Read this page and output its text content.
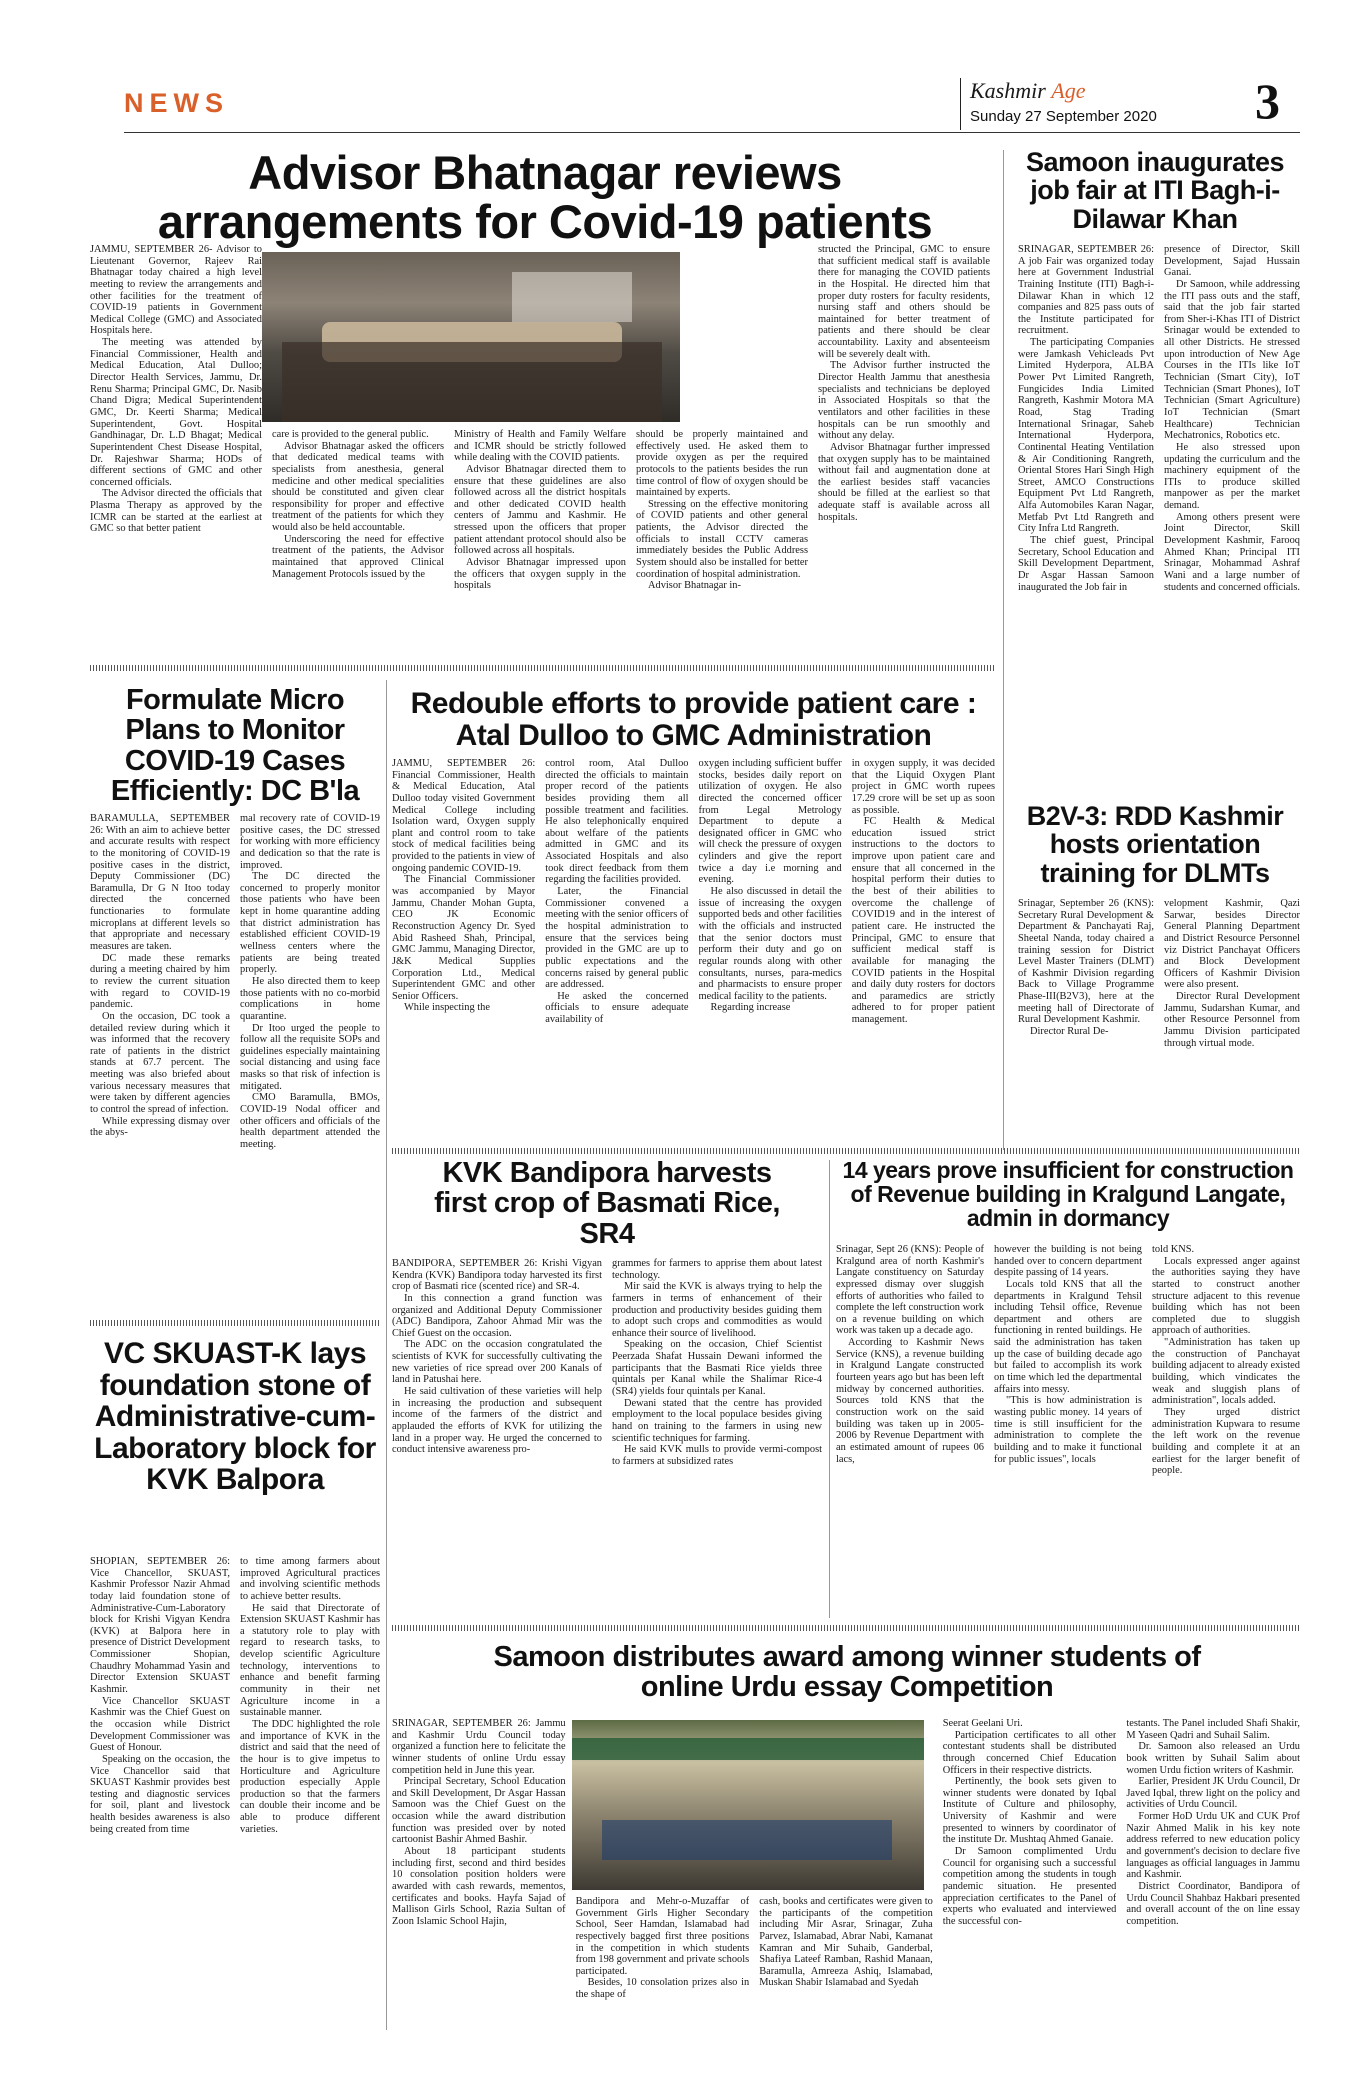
NEWS	Kashmir Age
Sunday 27 September 2020 3
Advisor Bhatnagar reviews arrangements for Covid-19 patients

JAMMU, SEPTEMBER 26- Advisor to Lieutenant Governor, Rajeev Rai Bhatnagar today chaired a high level meeting to review the arrangements and other facilities for the treatment of COVID-19 patients in Government Medical College (GMC) and Associated Hospitals here.

The meeting was attended by Financial Commissioner, Health and Medical Education, Atal Dulloo; Director Health Services, Jammu, Dr. Renu Sharma; Principal GMC, Dr. Nasib Chand Digra; Medical Superintendent GMC, Dr. Keerti Sharma; Medical Superintendent, Govt. Hospital Gandhinagar, Dr. L.D Bhagat; Medical Superintendent Chest Disease Hospital, Dr. Rajeshwar Sharma; HODs of different sections of GMC and other concerned officials.

The Advisor directed the officials that Plasma Therapy as approved by the ICMR can be started at the earliest at GMC so that better patient

care is provided to the general public.

Advisor Bhatnagar asked the officers that dedicated medical teams with specialists from anesthesia, general medicine and other medical specialities should be constituted and given clear responsibility for proper and effective treatment of the patients for which they would also be held accountable.

Underscoring the need for effective treatment of the patients, the Advisor maintained that approved Clinical Management Protocols issued by the

Ministry of Health and Family Welfare and ICMR should be strictly followed while dealing with the COVID patients.

Advisor Bhatnagar directed them to ensure that these guidelines are also followed across all the district hospitals and other dedicated COVID health centers of Jammu and Kashmir. He stressed upon the officers that proper patient attendant protocol should also be followed across all hospitals.

Advisor Bhatnagar impressed upon the officers that oxygen supply in the hospitals

should be properly maintained and effectively used. He asked them to provide oxygen as per the required protocols to the patients besides the run time control of flow of oxygen should be maintained by experts.

Stressing on the effective monitoring of COVID patients and other general patients, the Advisor directed the officials to install CCTV cameras immediately besides the Public Address System should also be installed for better coordination of hospital administration.

Advisor Bhatnagar in-

structed the Principal, GMC to ensure that sufficient medical staff is available there for managing the COVID patients in the Hospital. He directed him that proper duty rosters for faculty residents, nursing staff and others should be maintained for better treatment of patients and there should be clear accountability. Laxity and absenteeism will be severely dealt with.

The Advisor further instructed the Director Health Jammu that anesthesia specialists and technicians be deployed in Associated Hospitals so that the ventilators and other facilities in these hospitals can be run smoothly and without any delay.

Advisor Bhatnagar further impressed that oxygen supply has to be maintained without fail and augmentation done at the earliest besides staff vacancies should be filled at the earliest so that adequate staff is available across all hospitals.

Samoon inaugurates job fair at ITI Bagh-i-Dilawar Khan

SRINAGAR, SEPTEMBER 26: A job Fair was organized today here at Government Industrial Training Institute (ITI) Bagh-i-Dilawar Khan in which 12 companies and 825 pass outs of the Institute participated for recruitment.

The participating Companies were Jamkash Vehicleads Pvt Limited Hyderpora, ALBA Power Pvt Limited Rangreth, Fungicides India Limited Rangreth, Kashmir Motora MA Road, Stag Trading International Srinagar, Saheb International Hyderpora, Continental Heating Ventilation & Air Conditioning Rangreth, Oriental Stores Hari Singh High Street, AMCO Constructions Equipment Pvt Ltd Rangreth, Alfa Automobiles Karan Nagar, Metfab Pvt Ltd Rangreth and City Infra Ltd Rangreth.

The chief guest, Principal Secretary, School Education and Skill Development Department, Dr Asgar Hassan Samoon inaugurated the Job fair in

presence of Director, Skill Development, Sajad Hussain Ganai.

Dr Samoon, while addressing the ITI pass outs and the staff, said that the job fair started from Sher-i-Khas ITI of District Srinagar would be extended to all other Districts. He stressed upon introduction of New Age Courses in the ITIs like IoT Technician (Smart City), IoT Technician (Smart Phones), IoT Technician (Smart Agriculture) IoT Technician (Smart Healthcare) Technician Mechatronics, Robotics etc.

He also stressed upon updating the curriculum and the machinery equipment of the ITIs to produce skilled manpower as per the market demand.

Among others present were Joint Director, Skill Development Kashmir, Farooq Ahmed Khan; Principal ITI Srinagar, Mohammad Ashraf Wani and a large number of students and concerned officials.

Formulate Micro Plans to Monitor COVID-19 Cases Efficiently: DC B'la

BARAMULLA, SEPTEMBER 26: With an aim to achieve better and accurate results with respect to the monitoring of COVID-19 positive cases in the district, Deputy Commissioner (DC) Baramulla, Dr G N Itoo today directed the concerned functionaries to formulate microplans at different levels so that appropriate and necessary measures are taken.

DC made these remarks during a meeting chaired by him to review the current situation with regard to COVID-19 pandemic.

On the occasion, DC took a detailed review during which it was informed that the recovery rate of patients in the district stands at 67.7 percent. The meeting was also briefed about various necessary measures that were taken by different agencies to control the spread of infection.

While expressing dismay over the abys-

mal recovery rate of COVID-19 positive cases, the DC stressed for working with more efficiency and dedication so that the rate is improved.

The DC directed the concerned to properly monitor those patients who have been kept in home quarantine adding that district administration has established efficient COVID-19 wellness centers where the patients are being treated properly.

He also directed them to keep those patients with no co-morbid complications in home quarantine.

Dr Itoo urged the people to follow all the requisite SOPs and guidelines especially maintaining social distancing and using face masks so that risk of infection is mitigated.

CMO Baramulla, BMOs, COVID-19 Nodal officer and other officers and officials of the health department attended the meeting.

Redouble efforts to provide patient care : Atal Dulloo to GMC Administration

JAMMU, SEPTEMBER 26: Financial Commissioner, Health & Medical Education, Atal Dulloo today visited Government Medical College including Isolation ward, Oxygen supply plant and control room to take stock of medical facilities being provided to the patients in view of ongoing pandemic COVID-19.

The Financial Commissioner was accompanied by Mayor Jammu, Chander Mohan Gupta, CEO JK Economic Reconstruction Agency Dr. Syed Abid Rasheed Shah, Principal, GMC Jammu, Managing Director, J&K Medical Supplies Corporation Ltd., Medical Superintendent GMC and other Senior Officers.

While inspecting the

control room, Atal Dulloo directed the officials to maintain proper record of the patients besides providing them all possible treatment and facilities. He also telephonically enquired about welfare of the patients admitted in GMC and its Associated Hospitals and also took direct feedback from them regarding the facilities provided.

Later, the Financial Commissioner convened a meeting with the senior officers of the hospital administration to ensure that the services being provided in the GMC are up to public expectations and the concerns raised by general public are addressed.

He asked the concerned officials to ensure adequate availability of

oxygen including sufficient buffer stocks, besides daily report on utilization of oxygen. He also directed the concerned officer from Legal Metrology Department to depute a designated officer in GMC who will check the pressure of oxygen cylinders and give the report twice a day i.e morning and evening.

He also discussed in detail the issue of increasing the oxygen supported beds and other facilities with the officials and instructed that the senior doctors must perform their duty and go on regular rounds along with other consultants, nurses, para-medics and pharmacists to ensure proper medical facility to the patients.

Regarding increase

in oxygen supply, it was decided that the Liquid Oxygen Plant project in GMC worth rupees 17.29 crore will be set up as soon as possible.

FC Health & Medical education issued strict instructions to the doctors to improve upon patient care and ensure that all concerned in the hospital perform their duties to the best of their abilities to overcome the challenge of COVID19 and in the interest of patient care. He instructed the Principal, GMC to ensure that sufficient medical staff is available for managing the COVID patients in the Hospital and daily duty rosters for doctors and paramedics are strictly adhered to for proper patient management.

B2V-3: RDD Kashmir hosts orientation training for DLMTs

Srinagar, September 26 (KNS): Secretary Rural Development & Department & Panchayati Raj, Sheetal Nanda, today chaired a training session for District Level Master Trainers (DLMT) of Kashmir Division regarding Back to Village Programme Phase-III(B2V3), here at the meeting hall of Directorate of Rural Development Kashmir.

Director Rural De-

velopment Kashmir, Qazi Sarwar, besides Director General Planning Department and District Resource Personnel viz District Panchayat Officers and Block Development Officers of Kashmir Division were also present.

Director Rural Development Jammu, Sudarshan Kumar, and other Resource Personnel from Jammu Division participated through virtual mode.

VC SKUAST-K lays foundation stone of Administrative-cum-Laboratory block for KVK Balpora

SHOPIAN, SEPTEMBER 26: Vice Chancellor, SKUAST, Kashmir Professor Nazir Ahmad today laid foundation stone of Administrative-Cum-Laboratory block for Krishi Vigyan Kendra (KVK) at Balpora here in presence of District Development Commissioner Shopian, Chaudhry Mohammad Yasin and Director Extension SKUAST Kashmir.

Vice Chancellor SKUAST Kashmir was the Chief Guest on the occasion while District Development Commissioner was Guest of Honour.

Speaking on the occasion, the Vice Chancellor said that SKUAST Kashmir provides best testing and diagnostic services for soil, plant and livestock health besides awareness is also being created from time

to time among farmers about improved Agricultural practices and involving scientific methods to achieve better results.

He said that Directorate of Extension SKUAST Kashmir has a statutory role to play with regard to research tasks, to develop scientific Agriculture technology, interventions to enhance and benefit farming community in their net Agriculture income in a sustainable manner.

The DDC highlighted the role and importance of KVK in the district and said that the need of the hour is to give impetus to Horticulture and Agriculture production especially Apple production so that the farmers can double their income and be able to produce different varieties.

KVK Bandipora harvests first crop of Basmati Rice, SR4

BANDIPORA, SEPTEMBER 26: Krishi Vigyan Kendra (KVK) Bandipora today harvested its first crop of Basmati rice (scented rice) and SR-4.

In this connection a grand function was organized and Additional Deputy Commissioner (ADC) Bandipora, Zahoor Ahmad Mir was the Chief Guest on the occasion.

The ADC on the occasion congratulated the scientists of KVK for successfully cultivating the new varieties of rice spread over 200 Kanals of land in Patushai here.

He said cultivation of these varieties will help in increasing the production and subsequent income of the farmers of the district and applauded the efforts of KVK for utilizing the land in a proper way. He urged the concerned to conduct intensive awareness pro-

grammes for farmers to apprise them about latest technology.

Mir said the KVK is always trying to help the farmers in terms of enhancement of their production and productivity besides guiding them to adopt such crops and commodities as would enhance their source of livelihood.

Speaking on the occasion, Chief Scientist Peerzada Shafat Hussain Dewani informed the participants that the Basmati Rice yields three quintals per Kanal while the Shalimar Rice-4 (SR4) yields four quintals per Kanal.

Dewani stated that the centre has provided employment to the local populace besides giving hand on training to the farmers in using new scientific techniques for farming.

He said KVK mulls to provide vermi-compost to farmers at subsidized rates

14 years prove insufficient for construction of Revenue building in Kralgund Langate, admin in dormancy

Srinagar, Sept 26 (KNS): People of Kralgund area of north Kashmir's Langate constituency on Saturday expressed dismay over sluggish efforts of authorities who failed to complete the left construction work on a revenue building on which work was taken up a decade ago.

According to Kashmir News Service (KNS), a revenue building in Kralgund Langate constructed fourteen years ago but has been left midway by concerned authorities. Sources told KNS that the construction work on the said building was taken up in 2005-2006 by Revenue Department with an estimated amount of rupees 06 lacs,

however the building is not being handed over to concern department despite passing of 14 years.

Locals told KNS that all the departments in Kralgund Tehsil including Tehsil office, Revenue department and others are functioning in rented buildings. He said the administration has taken up the case of building decade ago but failed to accomplish its work on time which led the departmental affairs into messy.

"This is how administration is wasting public money. 14 years of time is still insufficient for the administration to complete the building and to make it functional for public issues", locals

told KNS.

Locals expressed anger against the authorities saying they have started to construct another structure adjacent to this revenue building which has not been completed due to sluggish approach of authorities.

"Administration has taken up the construction of Panchayat building adjacent to already existed building, which vindicates the weak and sluggish plans of administration", locals added.

They urged district administration Kupwara to resume the left work on the revenue building and complete it at an earliest for the larger benefit of people.

Samoon distributes award among winner students of online Urdu essay Competition

SRINAGAR, SEPTEMBER 26: Jammu and Kashmir Urdu Council today organized a function here to felicitate the winner students of online Urdu essay competition held in June this year.

Principal Secretary, School Education and Skill Development, Dr Asgar Hassan Samoon was the Chief Guest on the occasion while the award distribution function was presided over by noted cartoonist Bashir Ahmed Bashir.

About 18 participant students including first, second and third besides 10 consolation position holders were awarded with cash rewards, mementos, certificates and books. Hayfa Sajad of Mallison Girls School, Razia Sultan of Zoon Islamic School Hajin,

Bandipora and Mehr-o-Muzaffar of Government Girls Higher Secondary School, Seer Hamdan, Islamabad had respectively bagged first three positions in the competition in which students from 198 government and private schools participated.

Besides, 10 consolation prizes also in the shape of

cash, books and certificates were given to the participants of the competition including Mir Asrar, Srinagar, Zuha Parvez, Islamabad, Abrar Nabi, Kamanat Kamran and Mir Suhaib, Ganderbal, Shafiya Lateef Ramban, Rashid Manaan, Baramulla, Amreeza Ashiq, Islamabad, Muskan Shabir Islamabad and Syedah

Seerat Geelani Uri.

Participation certificates to all other contestant students shall be distributed through concerned Chief Education Officers in their respective districts.

Pertinently, the book sets given to winner students were donated by Iqbal Institute of Culture and philosophy, University of Kashmir and were presented to winners by coordinator of the institute Dr. Mushtaq Ahmed Ganaie.

Dr Samoon complimented Urdu Council for organising such a successful competition among the students in tough pandemic situation. He presented appreciation certificates to the Panel of experts who evaluated and interviewed the successful con-

testants. The Panel included Shafi Shakir, M Yaseen Qadri and Suhail Salim.

Dr. Samoon also released an Urdu book written by Suhail Salim about women Urdu fiction writers of Kashmir.

Earlier, President JK Urdu Council, Dr Javed Iqbal, threw light on the policy and activities of Urdu Council.

Former HoD Urdu UK and CUK Prof Nazir Ahmed Malik in his key note address referred to new education policy and government's decision to declare five languages as official languages in Jammu and Kashmir.

District Coordinator, Bandipora of Urdu Council Shahbaz Hakbari presented and overall account of the on line essay competition.
